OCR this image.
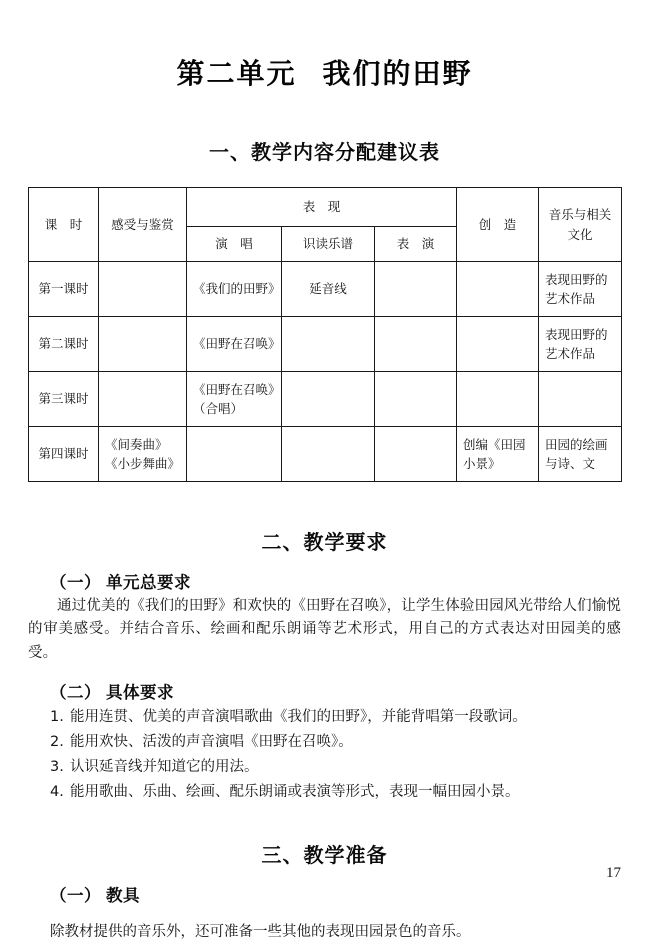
第二单元 我们的田野
一、教学内容分配建议表
课　时	感受与鉴赏	表　现			创　造	音乐与相关文化
		演　唱	识读乐谱	表　演		
第一课时		《我们的田野》	延音线			表现田野的艺术作品
第二课时		《田野在召唤》				表现田野的艺术作品
第三课时		《田野在召唤》（合唱）				
第四课时	《间奏曲》《小步舞曲》				创编《田园小景》	田园的绘画与诗、文
二、教学要求
（一） 单元总要求

通过优美的《我们的田野》和欢快的《田野在召唤》，让学生体验田园风光带给人们愉悦的审美感受。并结合音乐、绘画和配乐朗诵等艺术形式，用自己的方式表达对田园美的感受。

（二） 具体要求
1. 能用连贯、优美的声音演唱歌曲《我们的田野》，并能背唱第一段歌词。
2. 能用欢快、活泼的声音演唱《田野在召唤》。
3. 认识延音线并知道它的用法。
4. 能用歌曲、乐曲、绘画、配乐朗诵或表演等形式，表现一幅田园小景。
三、教学准备
（一） 教具

除教材提供的音乐外，还可准备一些其他的表现田园景色的音乐。

17
